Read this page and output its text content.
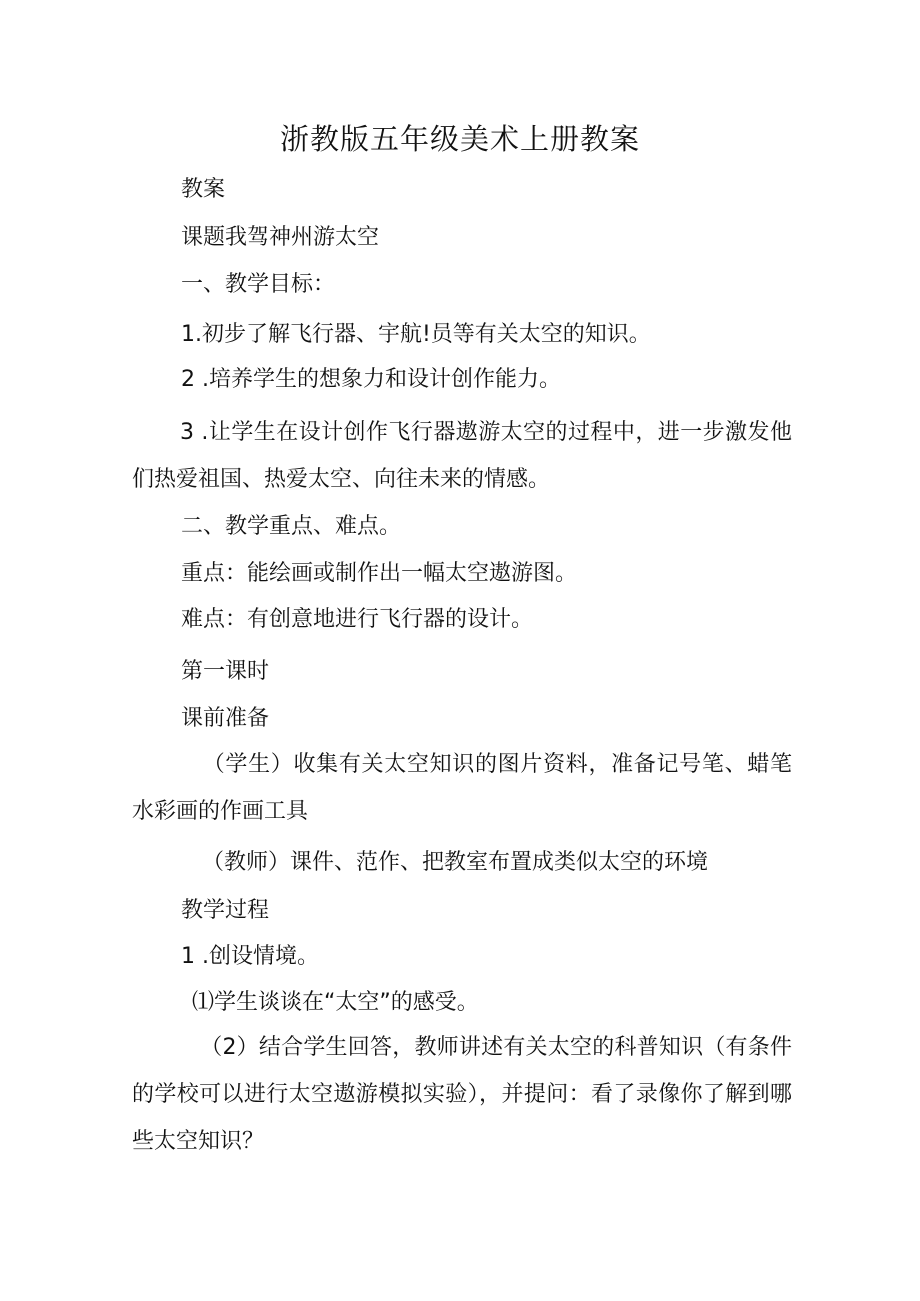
浙教版五年级美术上册教案
教案
课题我驾神州游太空
一、教学目标：
1.初步了解飞行器、宇航!员等有关太空的知识。
2 .培养学生的想象力和设计创作能力。
3 .让学生在设计创作飞行器遨游太空的过程中，进一步激发他们热爱祖国、热爱太空、向往未来的情感。
二、教学重点、难点。
重点：能绘画或制作出一幅太空遨游图。
难点：有创意地进行飞行器的设计。
第一课时
课前准备
（学生）收集有关太空知识的图片资料，准备记号笔、蜡笔水彩画的作画工具
（教师）课件、范作、把教室布置成类似太空的环境
教学过程
1 .创设情境。
⑴学生谈谈在“太空”的感受。
（2）结合学生回答，教师讲述有关太空的科普知识（有条件的学校可以进行太空遨游模拟实验），并提问：看了录像你了解到哪些太空知识？
